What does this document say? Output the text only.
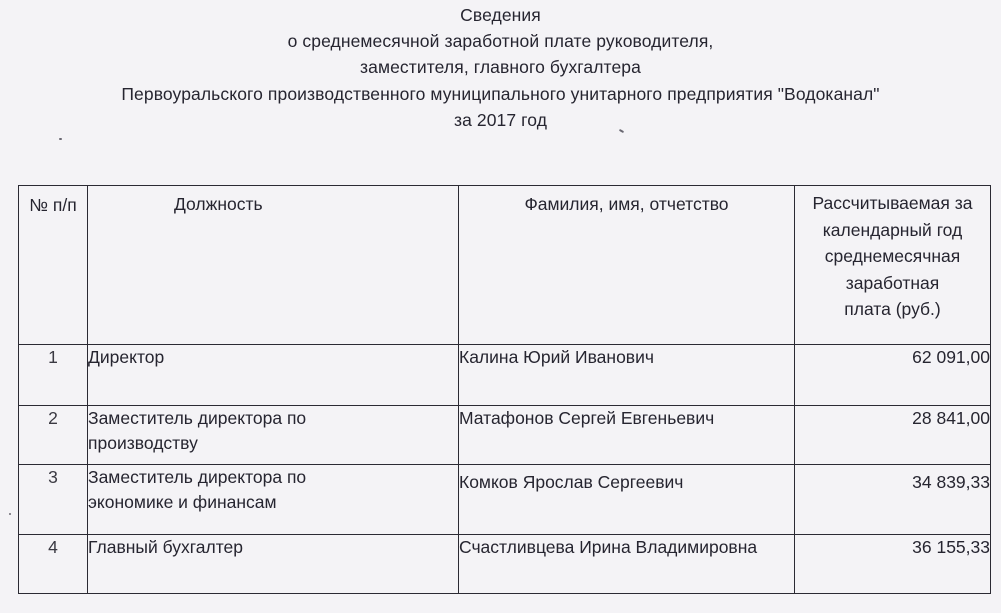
Сведения
о среднемесячной заработной плате руководителя,
заместителя, главного бухгалтера
Первоуральского производственного муниципального унитарного предприятия "Водоканал"
за 2017 год
№ п/п	Должность	Фамилия, имя, отчетство	Рассчитываемая за
календарный год
среднемесячная заработная
плата (руб.)

1	Директор	Калина Юрий Иванович	62 091,00
2	Заместитель директора по
производству	Матафонов Сергей Евгеньевич	28 841,00
3	Заместитель директора по
экономике и финансам	Комков Ярослав Сергеевич	34 839,33
4	Главный бухгалтер	Счастливцева Ирина Владимировна	36 155,33
